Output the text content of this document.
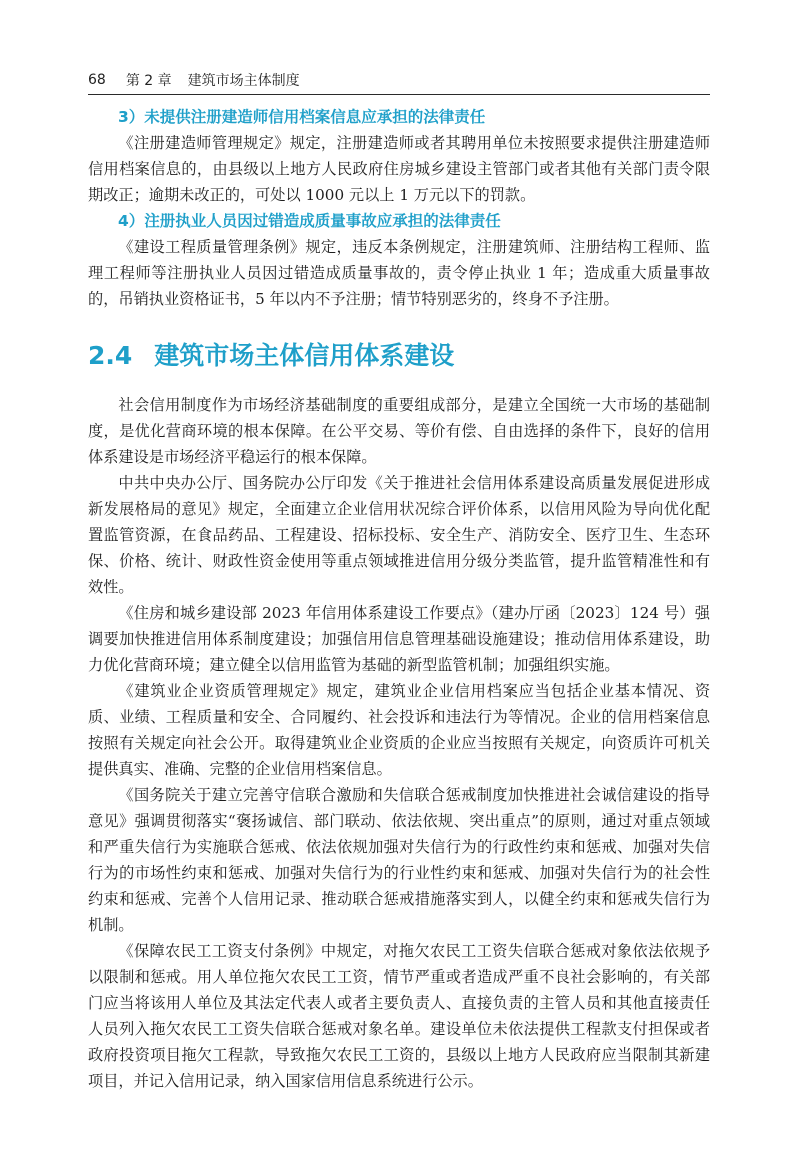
68 第 2 章 建筑市场主体制度
3）未提供注册建造师信用档案信息应承担的法律责任

《注册建造师管理规定》规定，注册建造师或者其聘用单位未按照要求提供注册建造师信用档案信息的，由县级以上地方人民政府住房城乡建设主管部门或者其他有关部门责令限期改正；逾期未改正的，可处以 1000 元以上 1 万元以下的罚款。

4）注册执业人员因过错造成质量事故应承担的法律责任

《建设工程质量管理条例》规定，违反本条例规定，注册建筑师、注册结构工程师、监理工程师等注册执业人员因过错造成质量事故的，责令停止执业 1 年；造成重大质量事故的，吊销执业资格证书，5 年以内不予注册；情节特别恶劣的，终身不予注册。

2.4 建筑市场主体信用体系建设

社会信用制度作为市场经济基础制度的重要组成部分，是建立全国统一大市场的基础制度，是优化营商环境的根本保障。在公平交易、等价有偿、自由选择的条件下，良好的信用体系建设是市场经济平稳运行的根本保障。

中共中央办公厅、国务院办公厅印发《关于推进社会信用体系建设高质量发展促进形成新发展格局的意见》规定，全面建立企业信用状况综合评价体系，以信用风险为导向优化配置监管资源，在食品药品、工程建设、招标投标、安全生产、消防安全、医疗卫生、生态环保、价格、统计、财政性资金使用等重点领域推进信用分级分类监管，提升监管精准性和有效性。

《住房和城乡建设部 2023 年信用体系建设工作要点》（建办厅函〔2023〕124 号）强调要加快推进信用体系制度建设；加强信用信息管理基础设施建设；推动信用体系建设，助力优化营商环境；建立健全以信用监管为基础的新型监管机制；加强组织实施。

《建筑业企业资质管理规定》规定，建筑业企业信用档案应当包括企业基本情况、资质、业绩、工程质量和安全、合同履约、社会投诉和违法行为等情况。企业的信用档案信息按照有关规定向社会公开。取得建筑业企业资质的企业应当按照有关规定，向资质许可机关提供真实、准确、完整的企业信用档案信息。

《国务院关于建立完善守信联合激励和失信联合惩戒制度加快推进社会诚信建设的指导意见》强调贯彻落实“褒扬诚信、部门联动、依法依规、突出重点”的原则，通过对重点领域和严重失信行为实施联合惩戒、依法依规加强对失信行为的行政性约束和惩戒、加强对失信行为的市场性约束和惩戒、加强对失信行为的行业性约束和惩戒、加强对失信行为的社会性约束和惩戒、完善个人信用记录、推动联合惩戒措施落实到人，以健全约束和惩戒失信行为机制。

《保障农民工工资支付条例》中规定，对拖欠农民工工资失信联合惩戒对象依法依规予以限制和惩戒。用人单位拖欠农民工工资，情节严重或者造成严重不良社会影响的，有关部门应当将该用人单位及其法定代表人或者主要负责人、直接负责的主管人员和其他直接责任人员列入拖欠农民工工资失信联合惩戒对象名单。建设单位未依法提供工程款支付担保或者政府投资项目拖欠工程款，导致拖欠农民工工资的，县级以上地方人民政府应当限制其新建项目，并记入信用记录，纳入国家信用信息系统进行公示。
